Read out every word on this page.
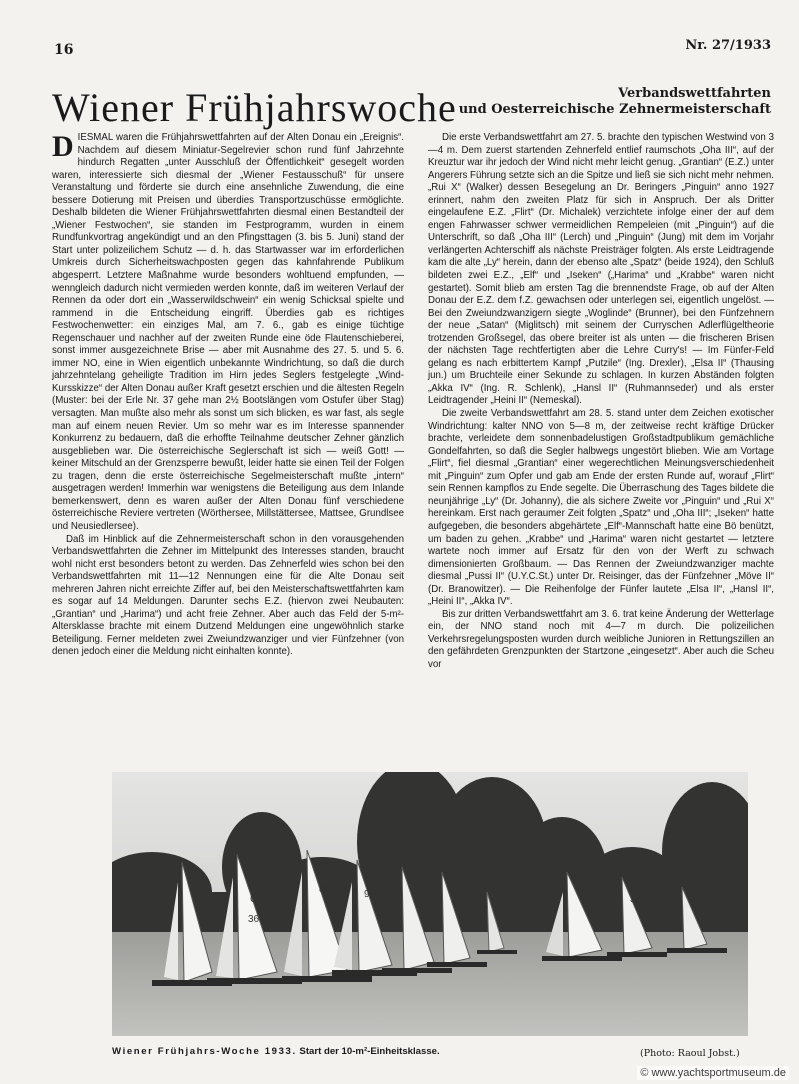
16	Nr. 27/1933
Wiener Frühjahrswoche	Verbandswettfahrten
und Oesterreichische Zehnermeisterschaft

DIESMAL waren die Frühjahrswettfahrten auf der Alten Donau ein „Ereignis“. Nachdem auf diesem Miniatur-Segelrevier schon rund fünf Jahrzehnte hindurch Regatten „unter Ausschluß der Öffentlichkeit“ gesegelt worden waren, interessierte sich diesmal der „Wiener Festausschuß“ für unsere Veranstaltung und förderte sie durch eine ansehnliche Zuwendung, die eine bessere Dotierung mit Preisen und überdies Transportzuschüsse ermöglichte. Deshalb bildeten die Wiener Frühjahrswettfahrten diesmal einen Bestandteil der „Wiener Festwochen“, sie standen im Festprogramm, wurden in einem Rundfunkvortrag angekündigt und an den Pfingsttagen (3. bis 5. Juni) stand der Start unter polizeilichem Schutz — d. h. das Startwasser war im erforderlichen Umkreis durch Sicherheitswachposten gegen das kahnfahrende Publikum abgesperrt. Letztere Maßnahme wurde besonders wohltuend empfunden, — wenngleich dadurch nicht vermieden werden konnte, daß im weiteren Verlauf der Rennen da oder dort ein „Wasserwildschwein“ ein wenig Schicksal spielte und rammend in die Entscheidung eingriff. Überdies gab es richtiges Festwochenwetter: ein einziges Mal, am 7. 6., gab es einige tüchtige Regenschauer und nachher auf der zweiten Runde eine öde Flautenschieberei, sonst immer ausgezeichnete Brise — aber mit Ausnahme des 27. 5. und 5. 6. immer NO, eine in Wien eigentlich unbekannte Windrichtung, so daß die durch jahrzehntelang geheiligte Tradition im Hirn jedes Seglers festgelegte „Wind-Kursskizze“ der Alten Donau außer Kraft gesetzt erschien und die ältesten Regeln (Muster: bei der Erle Nr. 37 gehe man 2½ Bootslängen vom Ostufer über Stag) versagten. Man mußte also mehr als sonst um sich blicken, es war fast, als segle man auf einem neuen Revier. Um so mehr war es im Interesse spannender Konkurrenz zu bedauern, daß die erhoffte Teilnahme deutscher Zehner gänzlich ausgeblieben war. Die österreichische Seglerschaft ist sich — weiß Gott! — keiner Mitschuld an der Grenzsperre bewußt, leider hatte sie einen Teil der Folgen zu tragen, denn die erste österreichische Segelmeisterschaft mußte „intern“ ausgetragen werden! Immerhin war wenigstens die Beteiligung aus dem Inlande bemerkenswert, denn es waren außer der Alten Donau fünf verschiedene österreichische Reviere vertreten (Wörthersee, Millstättersee, Mattsee, Grundlsee und Neusiedlersee).

Daß im Hinblick auf die Zehnermeisterschaft schon in den vorausgehenden Verbandswettfahrten die Zehner im Mittelpunkt des Interesses standen, braucht wohl nicht erst besonders betont zu werden. Das Zehnerfeld wies schon bei den Verbandswettfahrten mit 11—12 Nennungen eine für die Alte Donau seit mehreren Jahren nicht erreichte Ziffer auf, bei den Meisterschaftswettfahrten kam es sogar auf 14 Meldungen. Darunter sechs E.Z. (hiervon zwei Neubauten: „Grantian“ und „Harima“) und acht freie Zehner. Aber auch das Feld der 5-m²-Altersklasse brachte mit einem Dutzend Meldungen eine ungewöhnlich starke Beteiligung. Ferner meldeten zwei Zweiundzwanziger und vier Fünfzehner (von denen jedoch einer die Meldung nicht einhalten konnte).

Die erste Verbandswettfahrt am 27. 5. brachte den typischen Westwind von 3—4 m. Dem zuerst startenden Zehnerfeld entlief raumschots „Oha III“, auf der Kreuztur war ihr jedoch der Wind nicht mehr leicht genug. „Grantian“ (E.Z.) unter Angerers Führung setzte sich an die Spitze und ließ sie sich nicht mehr nehmen. „Rui X“ (Walker) dessen Besegelung an Dr. Beringers „Pinguin“ anno 1927 erinnert, nahm den zweiten Platz für sich in Anspruch. Der als Dritter eingelaufene E.Z. „Flirt“ (Dr. Michalek) verzichtete infolge einer der auf dem engen Fahrwasser schwer vermeidlichen Rempeleien (mit „Pinguin“) auf die Unterschrift, so daß „Oha III“ (Lerch) und „Pinguin“ (Jung) mit dem im Vorjahr verlängerten Achterschiff als nächste Preisträger folgten. Als erste Leidtragende kam die alte „Ly“ herein, dann der ebenso alte „Spatz“ (beide 1924), den Schluß bildeten zwei E.Z., „Elf“ und „Iseken“ („Harima“ und „Krabbe“ waren nicht gestartet). Somit blieb am ersten Tag die brennendste Frage, ob auf der Alten Donau der E.Z. dem f.Z. gewachsen oder unterlegen sei, eigentlich ungelöst. — Bei den Zweiundzwanzigern siegte „Woglinde“ (Brunner), bei den Fünfzehnern der neue „Satan“ (Miglitsch) mit seinem der Curryschen Adlerflügeltheorie trotzenden Großsegel, das obere breiter ist als unten — die frischeren Brisen der nächsten Tage rechtfertigten aber die Lehre Curry's! — Im Fünfer-Feld gelang es nach erbittertem Kampf „Putzile“ (Ing. Drexler), „Elsa II“ (Thausing jun.) um Bruchteile einer Sekunde zu schlagen. In kurzen Abständen folgten „Akka IV“ (Ing. R. Schlenk), „Hansl II“ (Ruhmannseder) und als erster Leidtragender „Heini II“ (Nemeskal).

Die zweite Verbandswettfahrt am 28. 5. stand unter dem Zeichen exotischer Windrichtung: kalter NNO von 5—8 m, der zeitweise recht kräftige Drücker brachte, verleidete dem sonnenbadelustigen Großstadtpublikum gemächliche Gondelfahrten, so daß die Segler halbwegs ungestört blieben. Wie am Vortage „Flirt“, fiel diesmal „Grantian“ einer wegerechtlichen Meinungsverschiedenheit mit „Pinguin“ zum Opfer und gab am Ende der ersten Runde auf, worauf „Flirt“ sein Rennen kampflos zu Ende segelte. Die Überraschung des Tages bildete die neunjährige „Ly“ (Dr. Johanny), die als sichere Zweite vor „Pinguin“ und „Rui X“ hereinkam. Erst nach geraumer Zeit folgten „Spatz“ und „Oha III“; „Iseken“ hatte aufgegeben, die besonders abgehärtete „Elf“-Mannschaft hatte eine Bö benützt, um baden zu gehen. „Krabbe“ und „Harima“ waren nicht gestartet — letztere wartete noch immer auf Ersatz für den von der Werft zu schwach dimensionierten Großbaum. — Das Rennen der Zweiundzwanziger machte diesmal „Pussi II“ (U.Y.C.St.) unter Dr. Reisinger, das der Fünfzehner „Möve II“ (Dr. Branowitzer). — Die Reihenfolge der Fünfer lautete „Elsa II“, „Hansl II“, „Heini II“, „Akka IV“.

Bis zur dritten Verbandswettfahrt am 3. 6. trat keine Änderung der Wetterlage ein, der NNO stand noch mit 4—7 m durch. Die polizeilichen Verkehrsregelungsposten wurden durch weibliche Junioren in Rettungszillen an den gefährdeten Grenzpunkten der Startzone „eingesetzt“. Aber auch die Scheu vor

C
36
88	96	39
Wiener Frühjahrs-Woche 1933. Start der 10-m²-Einheitsklasse.	(Photo: Raoul Jobst.)
© www.yachtsportmuseum.de
